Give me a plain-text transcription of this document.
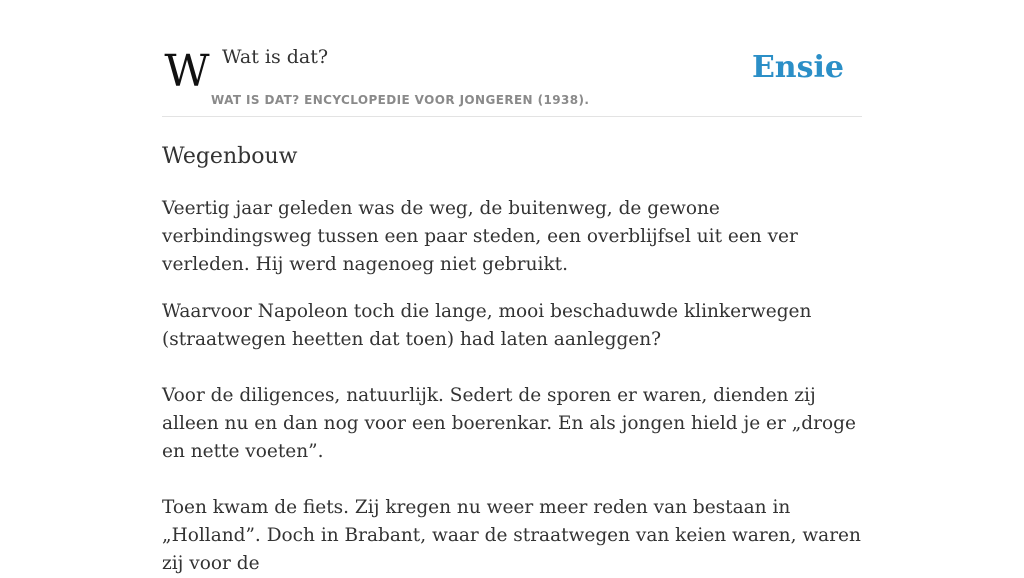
W Wat is dat?
WAT IS DAT? ENCYCLOPEDIE VOOR JONGEREN (1938).
Ensie
Wegenbouw

Veertig jaar geleden was de weg, de buitenweg, de gewone verbindingsweg tussen een paar steden, een overblijfsel uit een ver verleden. Hij werd nagenoeg niet gebruikt.

Waarvoor Napoleon toch die lange, mooi beschaduwde klinkerwegen (straatwegen heetten dat toen) had laten aanleggen?

Voor de diligences, natuurlijk. Sedert de sporen er waren, dienden zij alleen nu en dan nog voor een boerenkar. En als jongen hield je er „droge en nette voeten”.

Toen kwam de fiets. Zij kregen nu weer meer reden van bestaan in „Holland”. Doch in Brabant, waar de straatwegen van keien waren, waren zij voor de
